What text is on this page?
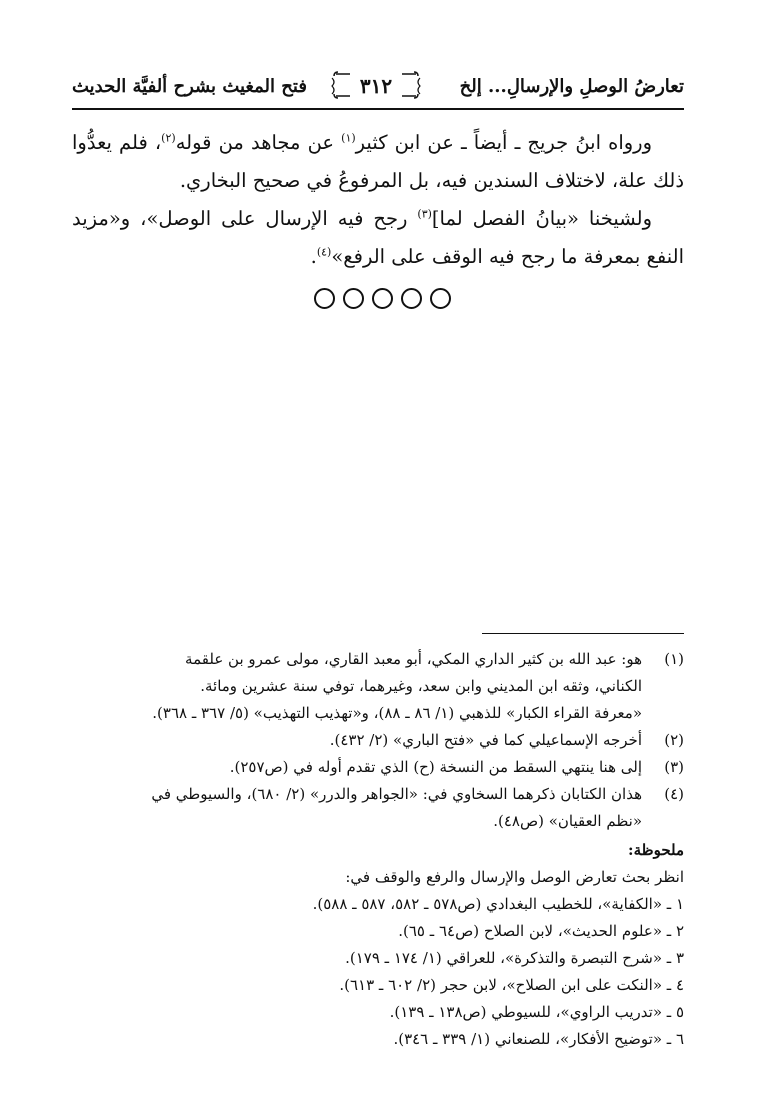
تعارضُ الوصلِ والإرسالِ... إلخ
٣١٢
فتح المغيث بشرح ألفيَّة الحديث

ورواه ابنُ جريج ـ أيضاً ـ عن ابن كثير$^{(١)}$ عن مجاهد من قوله$^{(٢)}$، فلم يعدُّوا ذلك علة، لاختلاف السندين فيه، بل المرفوعُ في صحيح البخاري.

ولشيخنا «بيانُ الفصل لما]$^{(٣)}$ رجح فيه الإرسال على الوصل»، و«مزيد النفع بمعرفة ما رجح فيه الوقف على الرفع»$^{(٤)}$.

(١)
هو: عبد الله بن كثير الداري المكي، أبو معبد القاري، مولى عمرو بن علقمة
الكناني، وثقه ابن المديني وابن سعد، وغيرهما، توفي سنة عشرين ومائة.
«معرفة القراء الكبار» للذهبي (١/ ٨٦ ـ ٨٨)، و«تهذيب التهذيب» (٥/ ٣٦٧ ـ ٣٦٨).
(٢)
أخرجه الإسماعيلي كما في «فتح الباري» (٢/ ٤٣٢).
(٣)
إلى هنا ينتهي السقط من النسخة (ح) الذي تقدم أوله في (ص٢٥٧).
(٤)
هذان الكتابان ذكرهما السخاوي في: «الجواهر والدرر» (٢/ ٦٨٠)، والسيوطي في
«نظم العقيان» (ص٤٨).
ملحوظة:
انظر بحث تعارض الوصل والإرسال والرفع والوقف في:
١ ـ «الكفاية»، للخطيب البغدادي (ص٥٧٨ ـ ٥٨٢، ٥٨٧ ـ ٥٨٨).
٢ ـ «علوم الحديث»، لابن الصلاح (ص٦٤ ـ ٦٥).
٣ ـ «شرح التبصرة والتذكرة»، للعراقي (١/ ١٧٤ ـ ١٧٩).
٤ ـ «النكت على ابن الصلاح»، لابن حجر (٢/ ٦٠٢ ـ ٦١٣).
٥ ـ «تدريب الراوي»، للسيوطي (ص١٣٨ ـ ١٣٩).
٦ ـ «توضيح الأفكار»، للصنعاني (١/ ٣٣٩ ـ ٣٤٦).
